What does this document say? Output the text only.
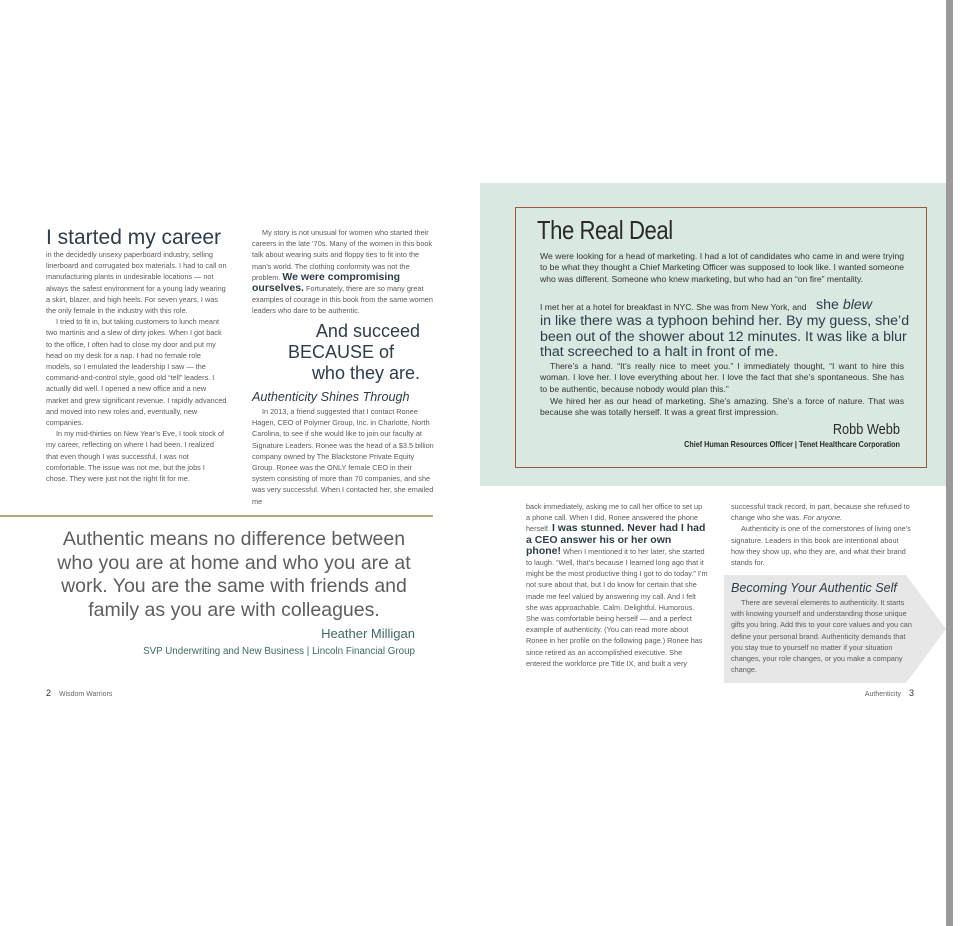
The Real Deal
We were looking for a head of marketing. I had a lot of candidates who came in and were trying to be what they thought a Chief Marketing Officer was supposed to look like. I wanted someone who was different. Someone who knew marketing, but who had an “on fire” mentality.
I met her at a hotel for breakfast in NYC. She was from New York, and she blew
in like there was a typhoon behind her. By my guess, she’d been out of the shower about 12 minutes. It was like a blur that screeched to a halt in front of me.
There’s a hand. “It’s really nice to meet you.” I immediately thought, “I want to hire this woman. I love her. I love everything about her. I love the fact that she’s spontaneous. She has to be authentic, because nobody would plan this.”
We hired her as our head of marketing. She’s amazing. She’s a force of nature. That was because she was totally herself. It was a great first impression.
Robb Webb
Chief Human Resources Officer | Tenet Healthcare Corporation
I started my career

in the decidedly unsexy paperboard industry, selling linerboard and corrugated box materials. I had to call on manufacturing plants in undesirable locations — not always the safest environment for a young lady wearing a skirt, blazer, and high heels. For seven years, I was the only female in the industry with this role.

I tried to fit in, but taking customers to lunch meant two martinis and a slew of dirty jokes. When I got back to the office, I often had to close my door and put my head on my desk for a nap. I had no female role models, so I emulated the leadership I saw — the command-and-control style, good old “tell” leaders. I actually did well. I opened a new office and a new market and grew significant revenue. I rapidly advanced and moved into new roles and, eventually, new companies.

In my mid-thirties on New Year’s Eve, I took stock of my career, reflecting on where I had been. I realized that even though I was successful, I was not comfortable. The issue was not me, but the jobs I chose. They were just not the right fit for me.

My story is not unusual for women who started their careers in the late ’70s. Many of the women in this book talk about wearing suits and floppy ties to fit into the man’s world. The clothing conformity was not the problem. We were compromising ourselves. Fortunately, there are so many great examples of courage in this book from the same women leaders who dare to be authentic.

And succeed
BECAUSE of
who they are.
Authenticity Shines Through

In 2013, a friend suggested that I contact Ronee Hagen, CEO of Polymer Group, Inc. in Charlotte, North Carolina, to see if she would like to join our faculty at Signature Leaders. Ronee was the head of a $3.5 billion company owned by The Blackstone Private Equity Group. Ronee was the ONLY female CEO in their system consisting of more than 70 companies, and she was very successful. When I contacted her, she emailed me

Authentic means no difference between who you are at home and who you are at work. You are the same with friends and family as you are with colleagues.
Heather Milligan
SVP Underwriting and New Business | Lincoln Financial Group
2 Wisdom Warriors

back immediately, asking me to call her office to set up a phone call. When I did, Ronee answered the phone herself. I was stunned. Never had I had a CEO answer his or her own phone! When I mentioned it to her later, she started to laugh. “Well, that’s because I learned long ago that it might be the most productive thing I got to do today.” I’m not sure about that, but I do know for certain that she made me feel valued by answering my call. And I felt she was approachable. Calm. Delightful. Humorous. She was comfortable being herself — and a perfect example of authenticity. (You can read more about Ronee in her profile on the following page.) Ronee has since retired as an accomplished executive. She entered the workforce pre Title IX, and built a very

successful track record, in part, because she refused to change who she was. For anyone.

Authenticity is one of the cornerstones of living one’s signature. Leaders in this book are intentional about how they show up, who they are, and what their brand stands for.

Becoming Your Authentic Self

There are several elements to authenticity. It starts with knowing yourself and understanding those unique gifts you bring. Add this to your core values and you can define your personal brand. Authenticity demands that you stay true to yourself no matter if your situation changes, your role changes, or you make a company change.

Authenticity 3
